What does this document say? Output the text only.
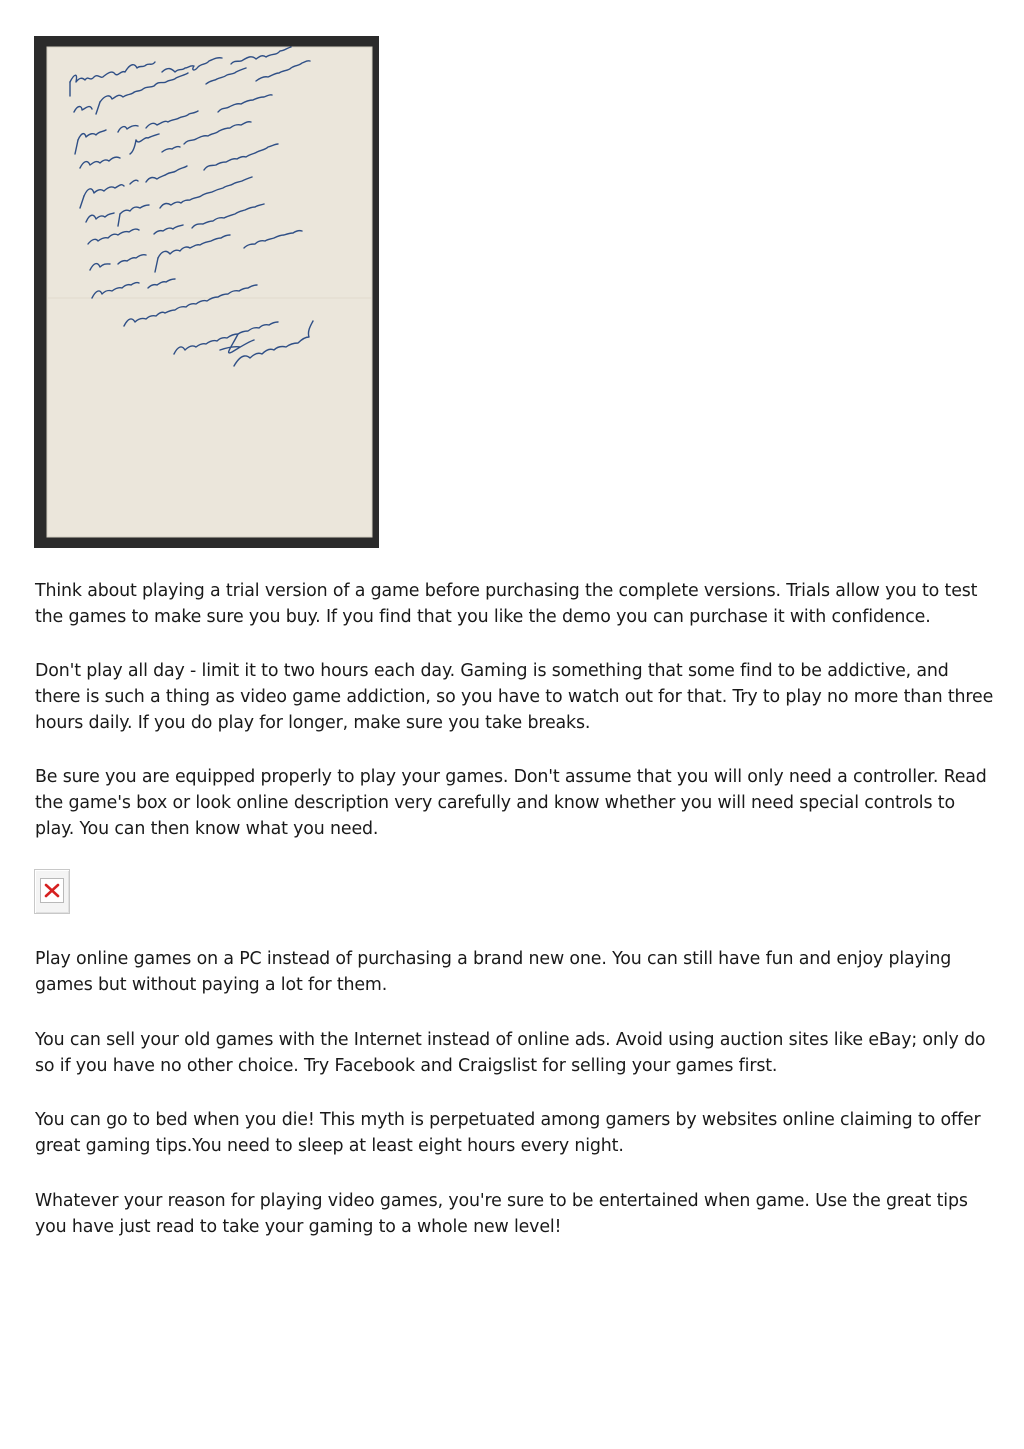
Think about playing a trial version of a game before purchasing the complete versions. Trials allow you to test the games to make sure you buy. If you find that you like the demo you can purchase it with confidence.

Don't play all day - limit it to two hours each day. Gaming is something that some find to be addictive, and there is such a thing as video game addiction, so you have to watch out for that. Try to play no more than three hours daily. If you do play for longer, make sure you take breaks.

Be sure you are equipped properly to play your games. Don't assume that you will only need a controller. Read the game's box or look online description very carefully and know whether you will need special controls to play. You can then know what you need.

Play online games on a PC instead of purchasing a brand new one. You can still have fun and enjoy playing games but without paying a lot for them.

You can sell your old games with the Internet instead of online ads. Avoid using auction sites like eBay; only do so if you have no other choice. Try Facebook and Craigslist for selling your games first.

You can go to bed when you die! This myth is perpetuated among gamers by websites online claiming to offer great gaming tips.You need to sleep at least eight hours every night.

Whatever your reason for playing video games, you're sure to be entertained when game. Use the great tips you have just read to take your gaming to a whole new level!
